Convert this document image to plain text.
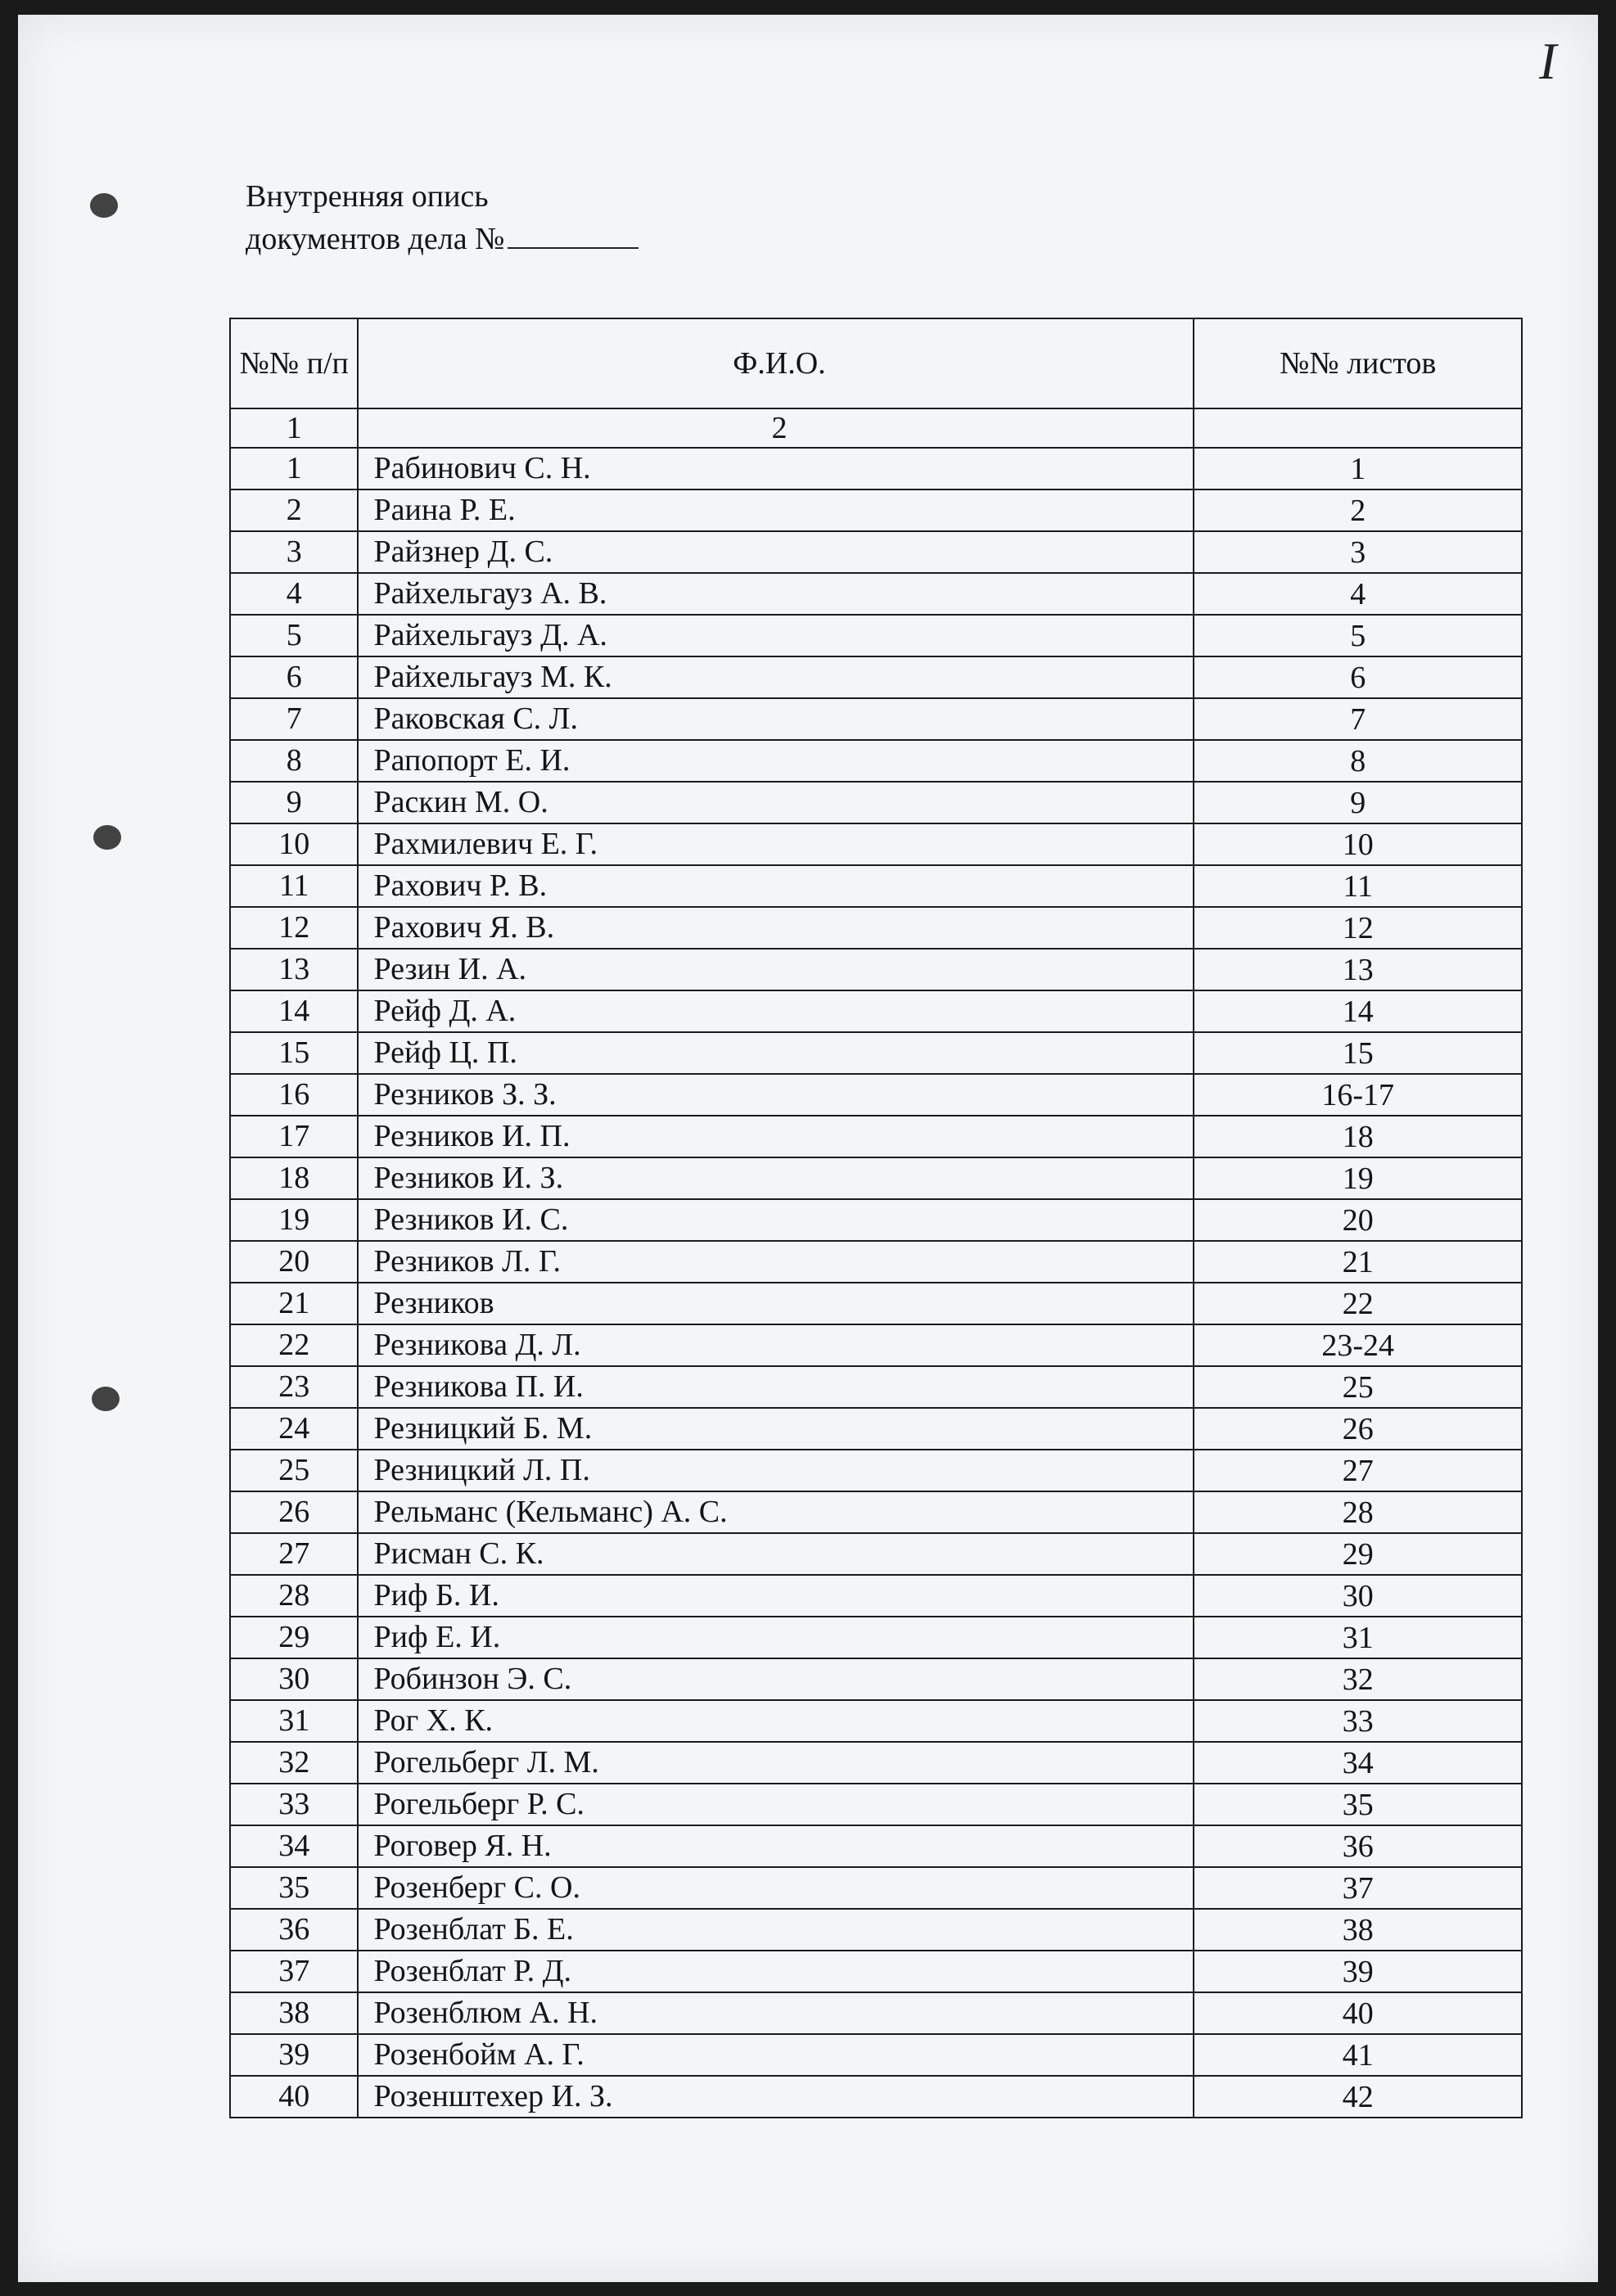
I
Внутренняя опись
документов дела №
№№ п/п	Ф.И.О.	№№ листов
1	2	
1	Рабинович С. Н.	1
2	Раина Р. Е.	2
3	Райзнер Д. С.	3
4	Райхельгауз А. В.	4
5	Райхельгауз Д. А.	5
6	Райхельгауз М. К.	6
7	Раковская С. Л.	7
8	Рапопорт Е. И.	8
9	Раскин М. О.	9
10	Рахмилевич Е. Г.	10
11	Рахович Р. В.	11
12	Рахович Я. В.	12
13	Резин И. А.	13
14	Рейф Д. А.	14
15	Рейф Ц. П.	15
16	Резников З. З.	16-17
17	Резников И. П.	18
18	Резников И. З.	19
19	Резников И. С.	20
20	Резников Л. Г.	21
21	Резников	22
22	Резникова Д. Л.	23-24
23	Резникова П. И.	25
24	Резницкий Б. М.	26
25	Резницкий Л. П.	27
26	Рельманс (Кельманс) А. С.	28
27	Рисман С. К.	29
28	Риф Б. И.	30
29	Риф Е. И.	31
30	Робинзон Э. С.	32
31	Рог Х. К.	33
32	Рогельберг Л. М.	34
33	Рогельберг Р. С.	35
34	Роговер Я. Н.	36
35	Розенберг С. О.	37
36	Розенблат Б. Е.	38
37	Розенблат Р. Д.	39
38	Розенблюм А. Н.	40
39	Розенбойм А. Г.	41
40	Розенштехер И. З.	42
